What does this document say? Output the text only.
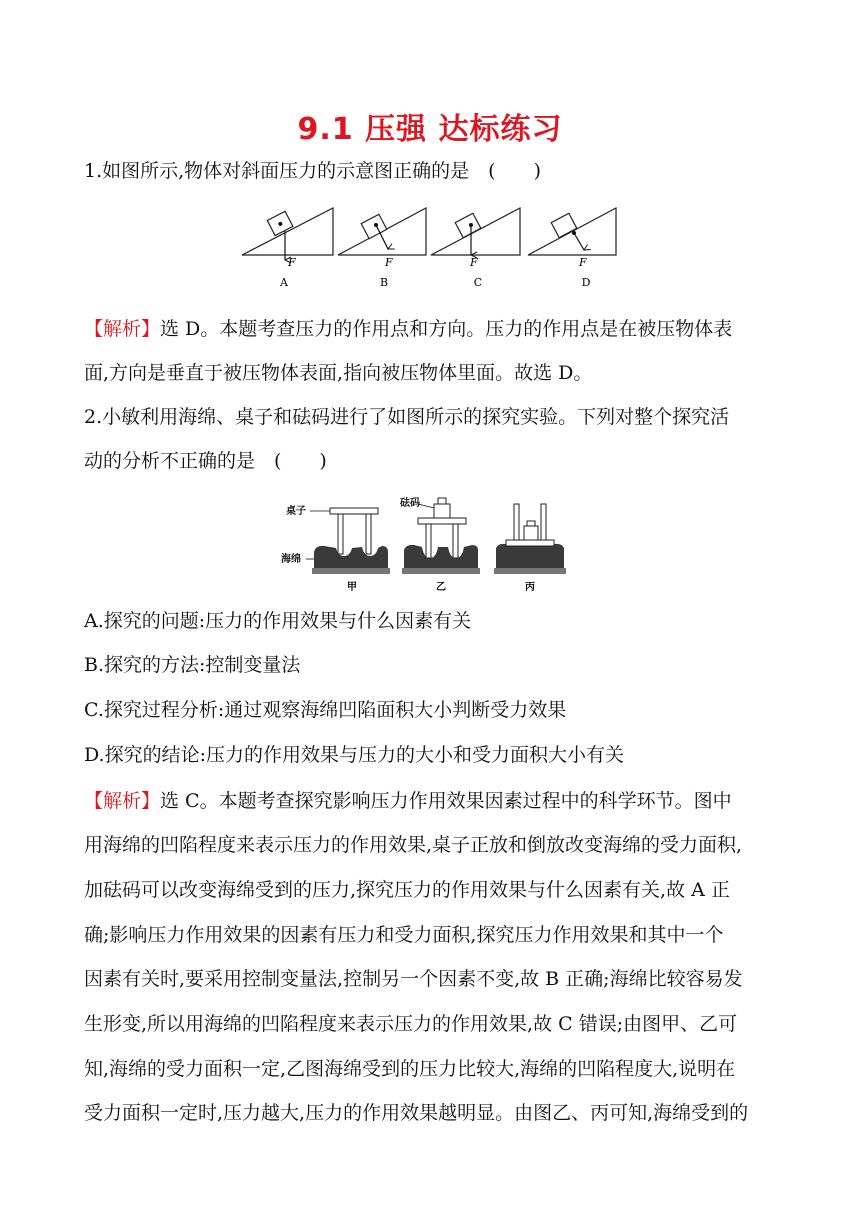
9.1 压强 达标练习
1.如图所示,物体对斜面压力的示意图正确的是　(　　)
F
A
F
B
F
C
F
D
【解析】选 D。本题考查压力的作用点和方向。压力的作用点是在被压物体表
面,方向是垂直于被压物体表面,指向被压物体里面。故选 D。
2.小敏利用海绵、桌子和砝码进行了如图所示的探究实验。下列对整个探究活
动的分析不正确的是　(　　)
桌子
砝码
海绵
甲	乙	丙
A.探究的问题:压力的作用效果与什么因素有关
B.探究的方法:控制变量法
C.探究过程分析:通过观察海绵凹陷面积大小判断受力效果
D.探究的结论:压力的作用效果与压力的大小和受力面积大小有关
【解析】选 C。本题考查探究影响压力作用效果因素过程中的科学环节。图中
用海绵的凹陷程度来表示压力的作用效果,桌子正放和倒放改变海绵的受力面积,
加砝码可以改变海绵受到的压力,探究压力的作用效果与什么因素有关,故 A 正
确;影响压力作用效果的因素有压力和受力面积,探究压力作用效果和其中一个
因素有关时,要采用控制变量法,控制另一个因素不变,故 B 正确;海绵比较容易发
生形变,所以用海绵的凹陷程度来表示压力的作用效果,故 C 错误;由图甲、乙可
知,海绵的受力面积一定,乙图海绵受到的压力比较大,海绵的凹陷程度大,说明在
受力面积一定时,压力越大,压力的作用效果越明显。由图乙、丙可知,海绵受到的
